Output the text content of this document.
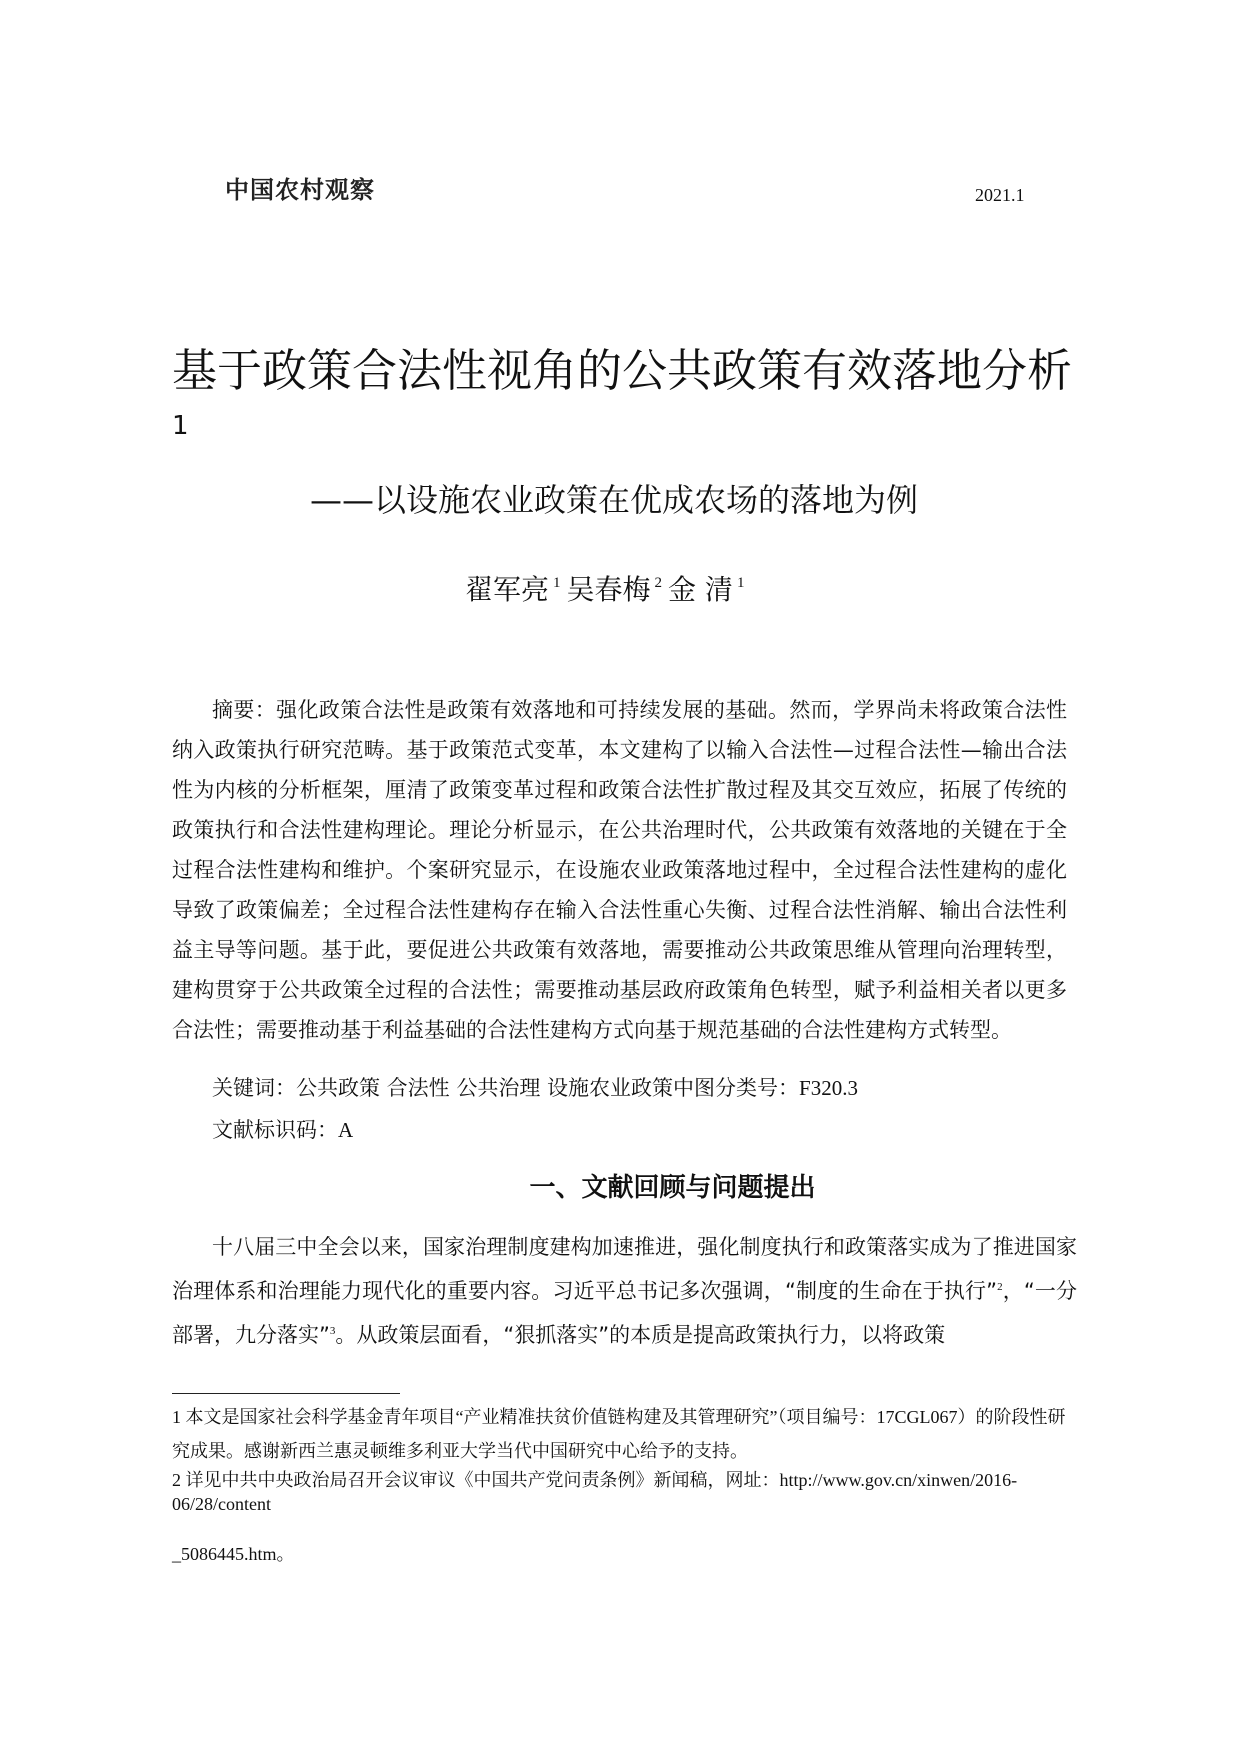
中国农村观察	2021.1
基于政策合法性视角的公共政策有效落地分析$^1$
——以设施农业政策在优成农场的落地为例
翟军亮 $^1$ 吴春梅 $^2$ 金 清 $^1$

摘要：强化政策合法性是政策有效落地和可持续发展的基础。然而，学界尚未将政策合法性纳入政策执行研究范畴。基于政策范式变革，本文建构了以输入合法性—过程合法性—输出合法性为内核的分析框架，厘清了政策变革过程和政策合法性扩散过程及其交互效应，拓展了传统的政策执行和合法性建构理论。理论分析显示，在公共治理时代，公共政策有效落地的关键在于全过程合法性建构和维护。个案研究显示，在设施农业政策落地过程中，全过程合法性建构的虚化导致了政策偏差；全过程合法性建构存在输入合法性重心失衡、过程合法性消解、输出合法性利益主导等问题。基于此，要促进公共政策有效落地，需要推动公共政策思维从管理向治理转型，建构贯穿于公共政策全过程的合法性；需要推动基层政府政策角色转型，赋予利益相关者以更多合法性；需要推动基于利益基础的合法性建构方式向基于规范基础的合法性建构方式转型。

关键词：公共政策 合法性 公共治理 设施农业政策中图分类号：F320.3
文献标识码：A
一、文献回顾与问题提出

十八届三中全会以来，国家治理制度建构加速推进，强化制度执行和政策落实成为了推进国家治理体系和治理能力现代化的重要内容。习近平总书记多次强调，“制度的生命在于执行”$^2$，“一分部署，九分落实”$^3$。从政策层面看，“狠抓落实”的本质是提高政策执行力，以将政策

1 本文是国家社会科学基金青年项目“产业精准扶贫价值链构建及其管理研究”（项目编号：17CGL067）的阶段性研究成果。感谢新西兰惠灵顿维多利亚大学当代中国研究中心给予的支持。

2 详见中共中央政治局召开会议审议《中国共产党问责条例》新闻稿，网址：http://www.gov.cn/xinwen/2016-06/28/content

_5086445.htm。
